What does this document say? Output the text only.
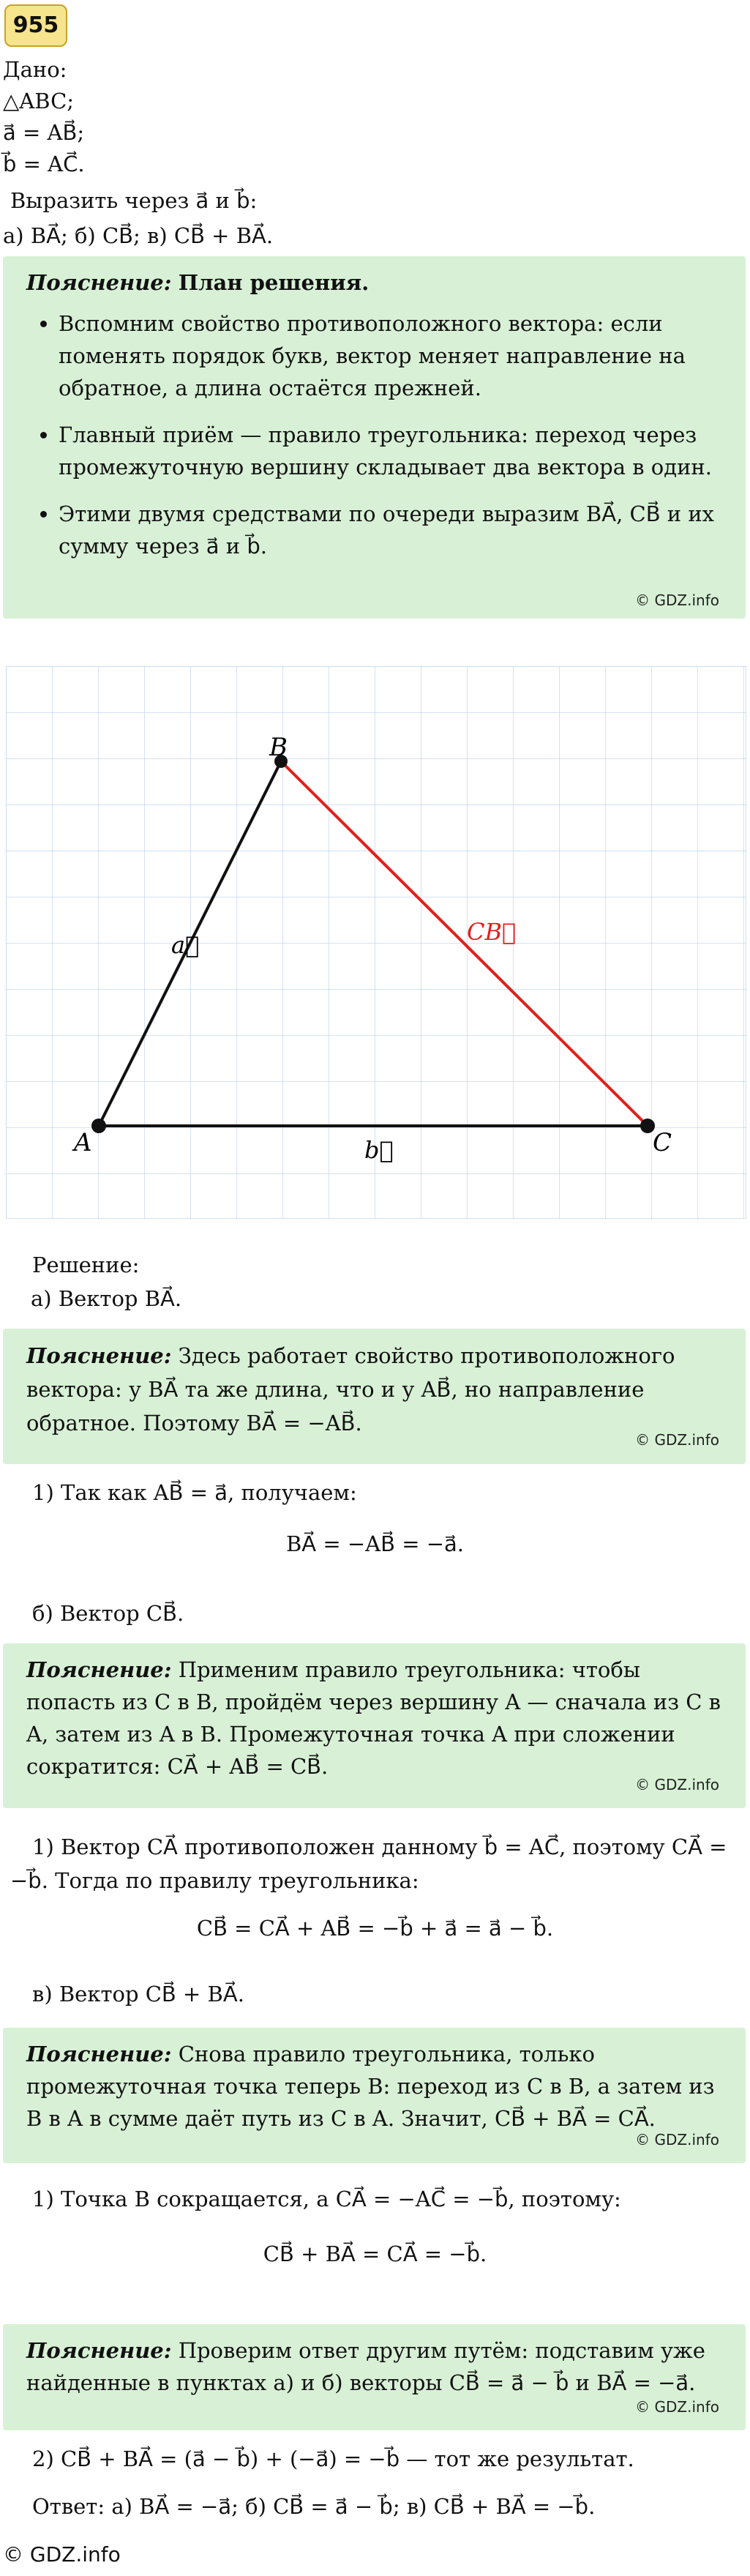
955
Дано:
△ABC;
a⃗ = AB⃗;
b⃗ = AC⃗.
Выразить через a⃗ и b⃗:
а) BA⃗; б) CB⃗; в) CB⃗ + BA⃗.
Пояснение: План решения.
• Вспомним свойство противоположного вектора: если поменять порядок букв, вектор меняет направление на обратное, а длина остаётся прежней.
• Главный приём — правило треугольника: переход через промежуточную вершину складывает два вектора в один.
• Этими двумя средствами по очереди выразим BA⃗, CB⃗ и их сумму через a⃗ и b⃗.
© GDZ.info
A
B
C
a⃗
b⃗
CB⃗
Решение:
а) Вектор BA⃗.
Пояснение: Здесь работает свойство противоположного вектора: у BA⃗ та же длина, что и у AB⃗, но направление обратное. Поэтому BA⃗ = −AB⃗.
© GDZ.info
1) Так как AB⃗ = a⃗, получаем:
BA⃗ = −AB⃗ = −a⃗.
б) Вектор CB⃗.
Пояснение: Применим правило треугольника: чтобы попасть из C в B, пройдём через вершину A — сначала из C в A, затем из A в B. Промежуточная точка A при сложении сократится: CA⃗ + AB⃗ = CB⃗.
© GDZ.info
1) Вектор CA⃗ противоположен данному b⃗ = AC⃗, поэтому CA⃗ = −b⃗. Тогда по правилу треугольника:
CB⃗ = CA⃗ + AB⃗ = −b⃗ + a⃗ = a⃗ − b⃗.
в) Вектор CB⃗ + BA⃗.
Пояснение: Снова правило треугольника, только промежуточная точка теперь B: переход из C в B, а затем из B в A в сумме даёт путь из C в A. Значит, CB⃗ + BA⃗ = CA⃗.
© GDZ.info
1) Точка B сокращается, а CA⃗ = −AC⃗ = −b⃗, поэтому:
CB⃗ + BA⃗ = CA⃗ = −b⃗.
Пояснение: Проверим ответ другим путём: подставим уже найденные в пунктах а) и б) векторы CB⃗ = a⃗ − b⃗ и BA⃗ = −a⃗.
© GDZ.info
2) CB⃗ + BA⃗ = (a⃗ − b⃗) + (−a⃗) = −b⃗ — тот же результат.
Ответ: а) BA⃗ = −a⃗; б) CB⃗ = a⃗ − b⃗; в) CB⃗ + BA⃗ = −b⃗.
© GDZ.info
